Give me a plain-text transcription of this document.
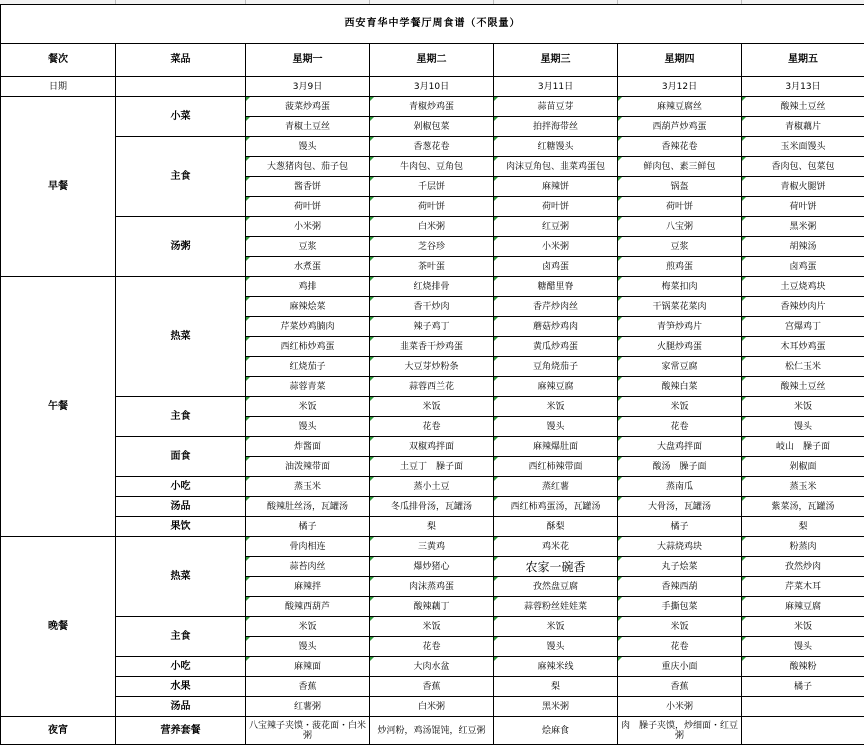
西安育华中学餐厅周食谱（不限量）						
餐次	菜品	星期一	星期二	星期三	星期四	星期五
日期		3月9日	3月10日	3月11日	3月12日	3月13日
早餐	小菜	菠菜炒鸡蛋	青椒炒鸡蛋	蒜苗豆芽	麻辣豆腐丝	酸辣土豆丝
		青椒土豆丝	剁椒包菜	拍拌海带丝	西葫芦炒鸡蛋	青椒藕片
	主食	馒头	香葱花卷	红糖馒头	香辣花卷	玉米面馒头
		大葱猪肉包、茄子包	牛肉包、豆角包	肉沫豆角包、韭菜鸡蛋包	鲜肉包、素三鲜包	香肉包、包菜包
		酱香饼	千层饼	麻辣饼	锅盔	青椒火腿饼
		荷叶饼	荷叶饼	荷叶饼	荷叶饼	荷叶饼
	汤粥	小米粥	白米粥	红豆粥	八宝粥	黑米粥
		豆浆	芝谷珍	小米粥	豆浆	胡辣汤
		水煮蛋	茶叶蛋	卤鸡蛋	煎鸡蛋	卤鸡蛋
午餐	热菜	鸡排	红烧排骨	糖醋里脊	梅菜扣肉	土豆烧鸡块
		麻辣烩菜	香干炒肉	香芹炒肉丝	干锅菜花菜肉	香辣炒肉片
		芹菜炒鸡腩肉	辣子鸡丁	蘑菇炒鸡肉	青笋炒鸡片	宫爆鸡丁
		西红柿炒鸡蛋	韭菜香干炒鸡蛋	黄瓜炒鸡蛋	火腿炒鸡蛋	木耳炒鸡蛋
		红烧茄子	大豆芽炒粉条	豆角烧茄子	家常豆腐	松仁玉米
		蒜蓉青菜	蒜蓉西兰花	麻辣豆腐	酸辣白菜	酸辣土豆丝
	主食	米饭	米饭	米饭	米饭	米饭
		馒头	花卷	馒头	花卷	馒头
	面食	炸酱面	双椒鸡拌面	麻辣爆肚面	大盘鸡拌面	岐山　臊子面
		油泼辣带面	土豆丁　臊子面	西红柿辣带面	酸汤　臊子面	剁椒面
	小吃	蒸玉米	蒸小土豆	蒸红薯	蒸南瓜	蒸玉米
	汤品	酸辣肚丝汤，瓦罐汤	冬瓜排骨汤，瓦罐汤	西红柿鸡蛋汤，瓦罐汤	大骨汤，瓦罐汤	紫菜汤，瓦罐汤
	果饮	橘子	梨	酥梨	橘子	梨
晚餐	热菜	骨肉相连	三黄鸡	鸡米花	大蒜烧鸡块	粉蒸肉
		蒜苔肉丝	爆炒猪心	农家一碗香	丸子烩菜	孜然炒肉
		麻辣拌	肉沫蒸鸡蛋	孜然盘豆腐	香辣西葫	芹菜木耳
		酸辣西葫芦	酸辣藕丁	蒜蓉粉丝娃娃菜	手撕包菜	麻辣豆腐
	主食	米饭	米饭	米饭	米饭	米饭
		馒头	花卷	馒头	花卷	馒头
	小吃	麻辣面	大肉水盆	麻辣米线	重庆小面	酸辣粉
	水果	香蕉	香蕉	梨	香蕉	橘子
	汤品	红薯粥	白米粥	黑米粥	小米粥	
夜宵	营养套餐	八宝辣子夹馍・菠花面・白米粥	炒河粉，鸡汤馄饨，红豆粥	烩麻食	肉　臊子夹馍，炒细面・红豆粥	
